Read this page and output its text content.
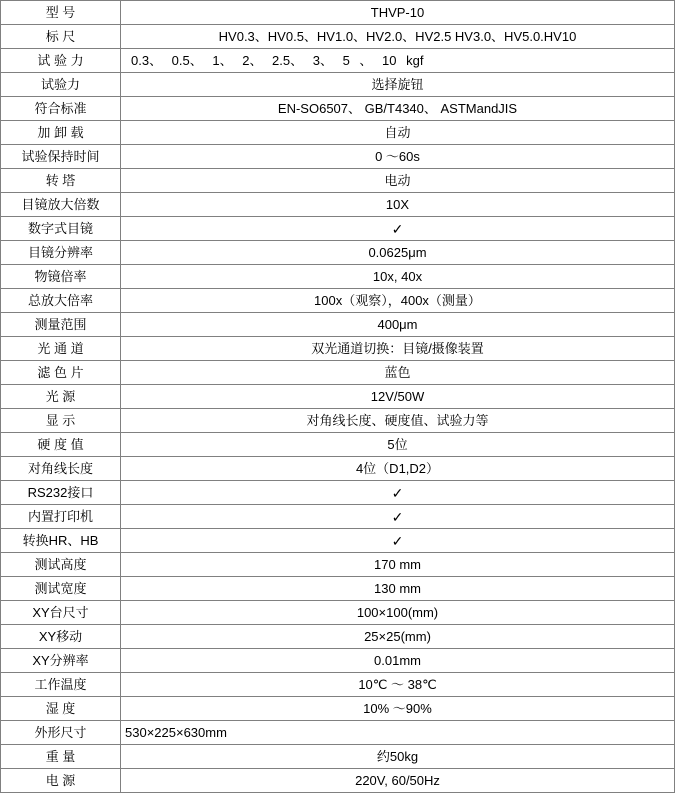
型 号	THVP-10
标 尺	HV0.3、HV0.5、HV1.0、HV2.0、HV2.5 HV3.0、HV5.0.HV10
试 验 力	0.3、 0.5、 1、 2、 2.5、 3、 5 、 10 kgf

试验力	选择旋钮
符合标准	EN-SO6507、 GB/T4340、 ASTMandJIS
加 卸 载	自动
试验保持时间	0 ～60s
转 塔	电动
目镜放大倍数	10X
数字式目镜	✓
目镜分辨率	0.0625μm
物镜倍率	10x, 40x
总放大倍率	100x（观察），400x（测量）
测量范围	400μm
光 通 道	双光通道切换：目镜/摄像装置
滤 色 片	蓝色
光 源	12V/50W
显 示	对角线长度、硬度值、试验力等
硬 度 值	5位
对角线长度	4位（D1,D2）
RS232接口	✓
内置打印机	✓
转换HR、HB	✓
测试高度	170 mm
测试宽度	130 mm
XY台尺寸	100×100(mm)
XY移动	25×25(mm)
XY分辨率	0.01mm
工作温度	10℃ ～ 38℃
湿 度	10% ～90%
外形尺寸	530×225×630mm
重 量	约50kg
电 源	220V, 60/50Hz
